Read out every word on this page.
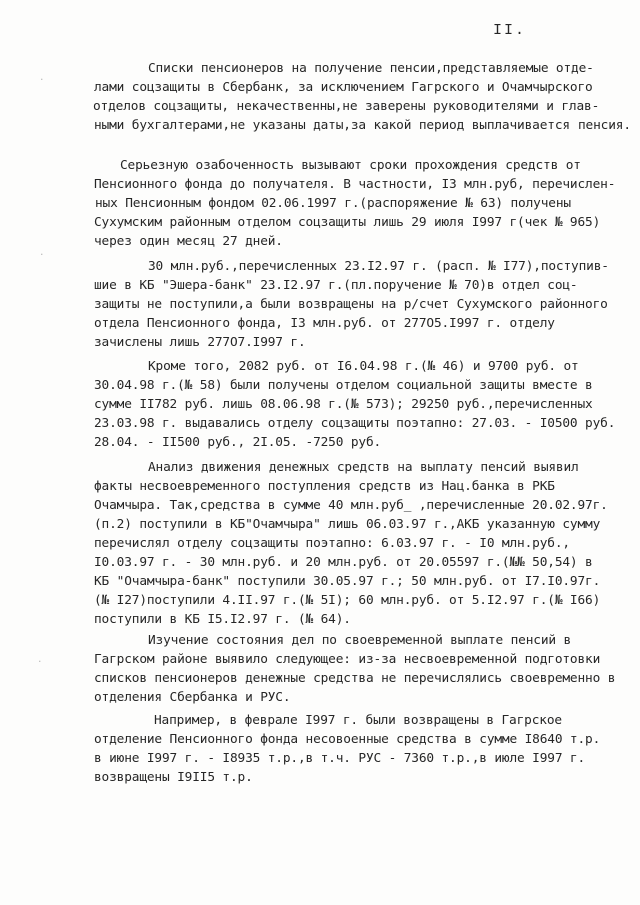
II.
·
·
·
Списки пенсионеров на получение пенсии,представляемые отде-
лами соцзащиты в Сбербанк, за исключением Гагрского и Очамчырского
отделов соцзащиты, некачественны,не заверены руководителями и глав-
ными бухгалтерами,не указаны даты,за какой период выплачивается пенсия.
Серьезную озабоченность вызывают сроки прохождения средств от
Пенсионного фонда до получателя. В частности, I3 млн.руб, перечислен-
ных Пенсионным фондом 02.06.1997 г.(распоряжение № 63) получены
Сухумским районным отделом соцзащиты лишь 29 июля I997 г(чек № 965)
через один месяц 27 дней.
30 млн.руб.,перечисленных 23.I2.97 г. (расп. № I77),поступив-
шие в КБ "Эшера-банк" 23.I2.97 г.(пл.поручение № 70)в отдел соц-
защиты не поступили,а были возвращены на р/счет Сухумского районного
отдела Пенсионного фонда, I3 млн.руб. от 277О5.I997 г. отделу
зачислены лишь 277О7.I997 г.
Кроме того, 2082 руб. от I6.04.98 г.(№ 46) и 9700 руб. от
30.04.98 г.(№ 58) были получены отделом социальной защиты вместе в
сумме II782 руб. лишь 08.06.98 г.(№ 573); 29250 руб.,перечисленных
23.03.98 г. выдавались отделу соцзащиты поэтапно: 27.03. - I0500 руб.
28.04. - II500 руб., 2I.05. -7250 руб.
Анализ движения денежных средств на выплату пенсий выявил
факты несвоевременного поступления средств из Нац.банка в РКБ
Очамчыра. Так,средства в сумме 40 млн.руб_ ,перечисленные 20.02.97г.
(п.2) поступили в КБ"Очамчыра" лишь 06.03.97 г.,АКБ указанную сумму
перечислял отделу соцзащиты поэтапно: 6.03.97 г. - I0 млн.руб.,
I0.03.97 г. - 30 млн.руб. и 20 млн.руб. от 20.05597 г.(№№ 50,54) в
КБ "Очамчыра-банк" поступили 30.05.97 г.; 50 млн.руб. от I7.I0.97г.
(№ I27)поступили 4.II.97 г.(№ 5I); 60 млн.руб. от 5.I2.97 г.(№ I66)
поступили в КБ I5.I2.97 г. (№ 64).
Изучение состояния дел по своевременной выплате пенсий в
Гагрском районе выявило следующее: из-за несвоевременной подготовки
списков пенсионеров денежные средства не перечислялись своевременно в
отделения Сбербанка и РУС.
Например, в феврале I997 г. были возвращены в Гагрское
отделение Пенсионного фонда несовоенные средства в сумме I8640 т.р.
в июне I997 г. - I8935 т.р.,в т.ч. РУС - 7360 т.р.,в июле I997 г.
возвращены I9II5 т.р.
